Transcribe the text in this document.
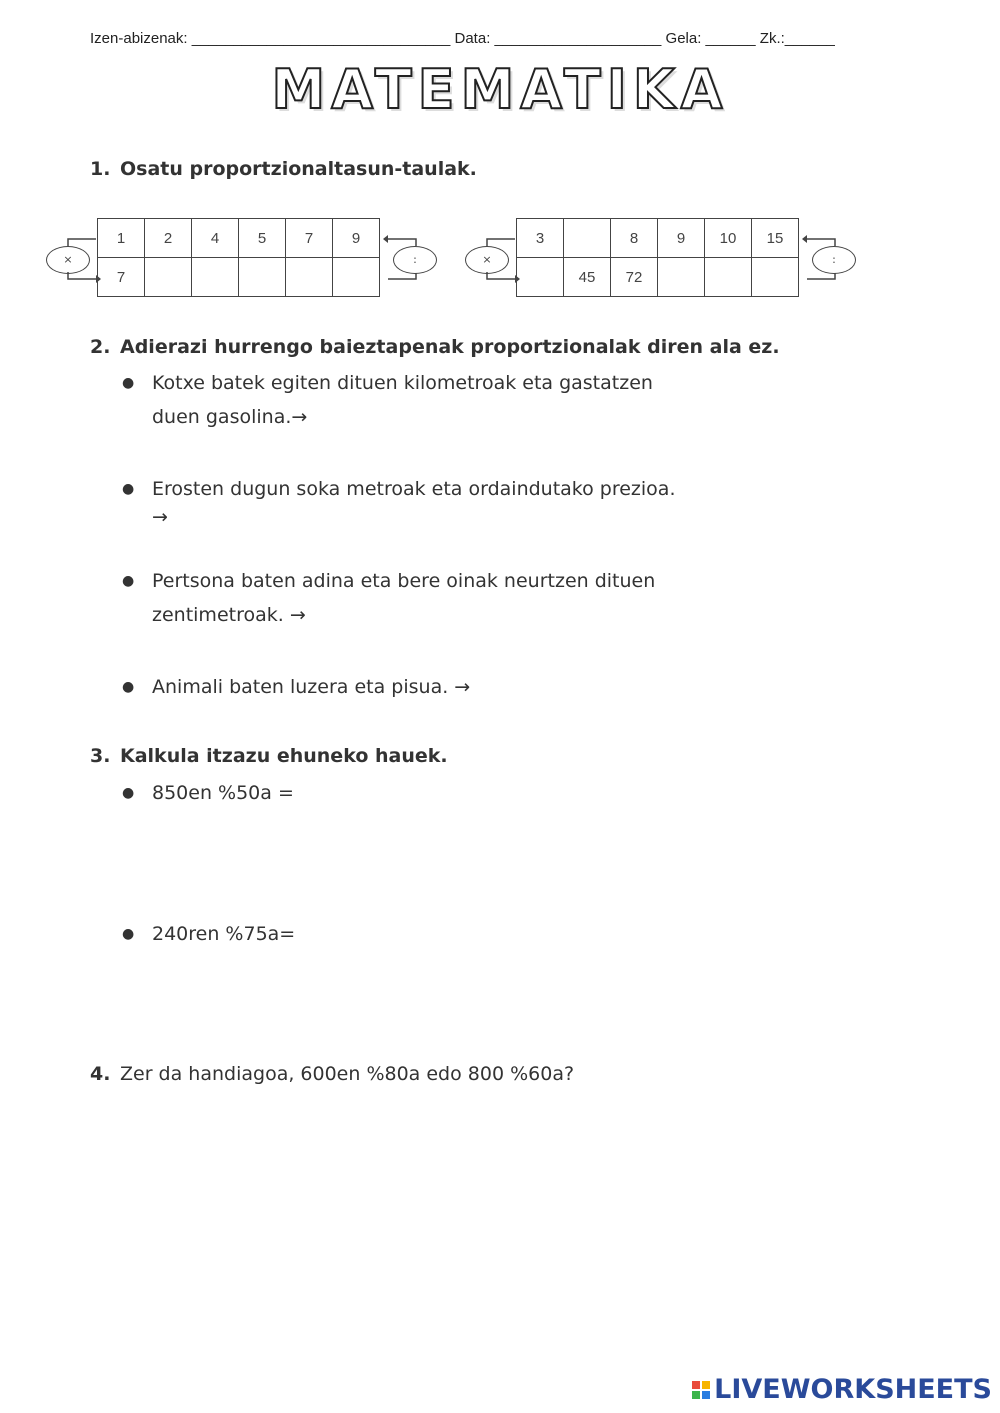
Izen-abizenak: _______________________________ Data: ____________________ Gela: ______ Zk.:______
MATEMATIKA
1. Osatu proportzionaltasun-taulak.
×
1	2	4	5	7	9
7					
:	×
3		8	9	10	15
	45	72			
:
2. Adierazi hurrengo baieztapenak proportzionalak diren ala ez.
● Kotxe batek egiten dituen kilometroak eta gastatzen
duen gasolina.→
● Erosten dugun soka metroak eta ordaindutako prezioa.
→
● Pertsona baten adina eta bere oinak neurtzen dituen
zentimetroak. →
● Animali baten luzera eta pisua. →
3. Kalkula itzazu ehuneko hauek.
● 850en %50a =
● 240ren %75a=
4. Zer da handiagoa, 600en %80a edo 800 %60a?
LIVEWORKSHEETS
